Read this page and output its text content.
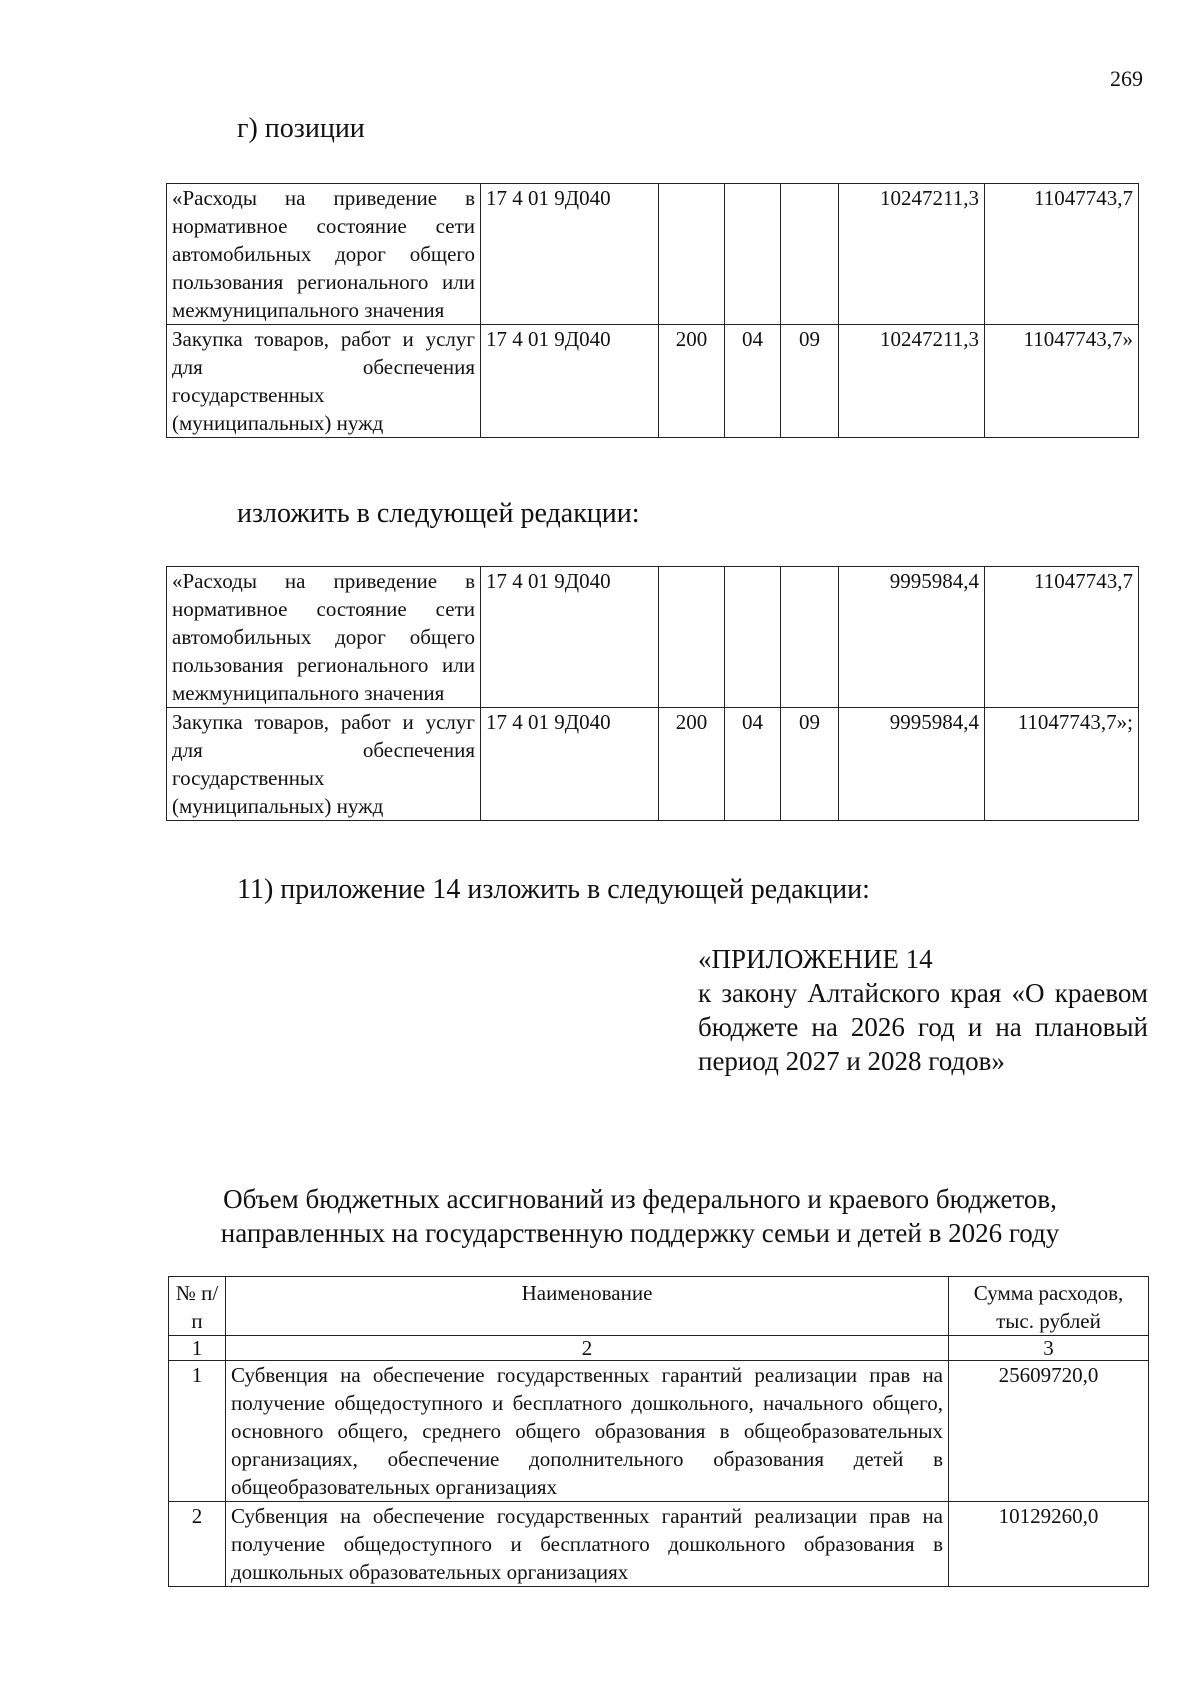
269
г) позиции
«Расходы на приведение в нормативное состояние сети автомобильных дорог общего пользования регионального или межмуниципального значения	17 4 01 9Д040				10247211,3	11047743,7
Закупка товаров, работ и услуг для обеспечения государственных (муниципальных) нужд	17 4 01 9Д040	200	04	09	10247211,3	11047743,7»
изложить в следующей редакции:
«Расходы на приведение в нормативное состояние сети автомобильных дорог общего пользования регионального или межмуниципального значения	17 4 01 9Д040				9995984,4	11047743,7
Закупка товаров, работ и услуг для обеспечения государственных (муниципальных) нужд	17 4 01 9Д040	200	04	09	9995984,4	11047743,7»;
11) приложение 14 изложить в следующей редакции:
«ПРИЛОЖЕНИЕ 14
к закону Алтайского края «О краевом бюджете на 2026 год и на плановый период 2027 и 2028 годов»
Объем бюджетных ассигнований из федерального и краевого бюджетов,
направленных на государственную поддержку семьи и детей в 2026 году
№ п/п	Наименование	Сумма расходов, тыс. рублей
1	2	3
1	Субвенция на обеспечение государственных гарантий реализации прав на получение общедоступного и бесплатного дошкольного, начального общего, основного общего, среднего общего образования в общеобразовательных организациях, обеспечение дополнительного образования детей в общеобразовательных организациях	25609720,0
2	Субвенция на обеспечение государственных гарантий реализации прав на получение общедоступного и бесплатного дошкольного образования в дошкольных образовательных организациях	10129260,0
